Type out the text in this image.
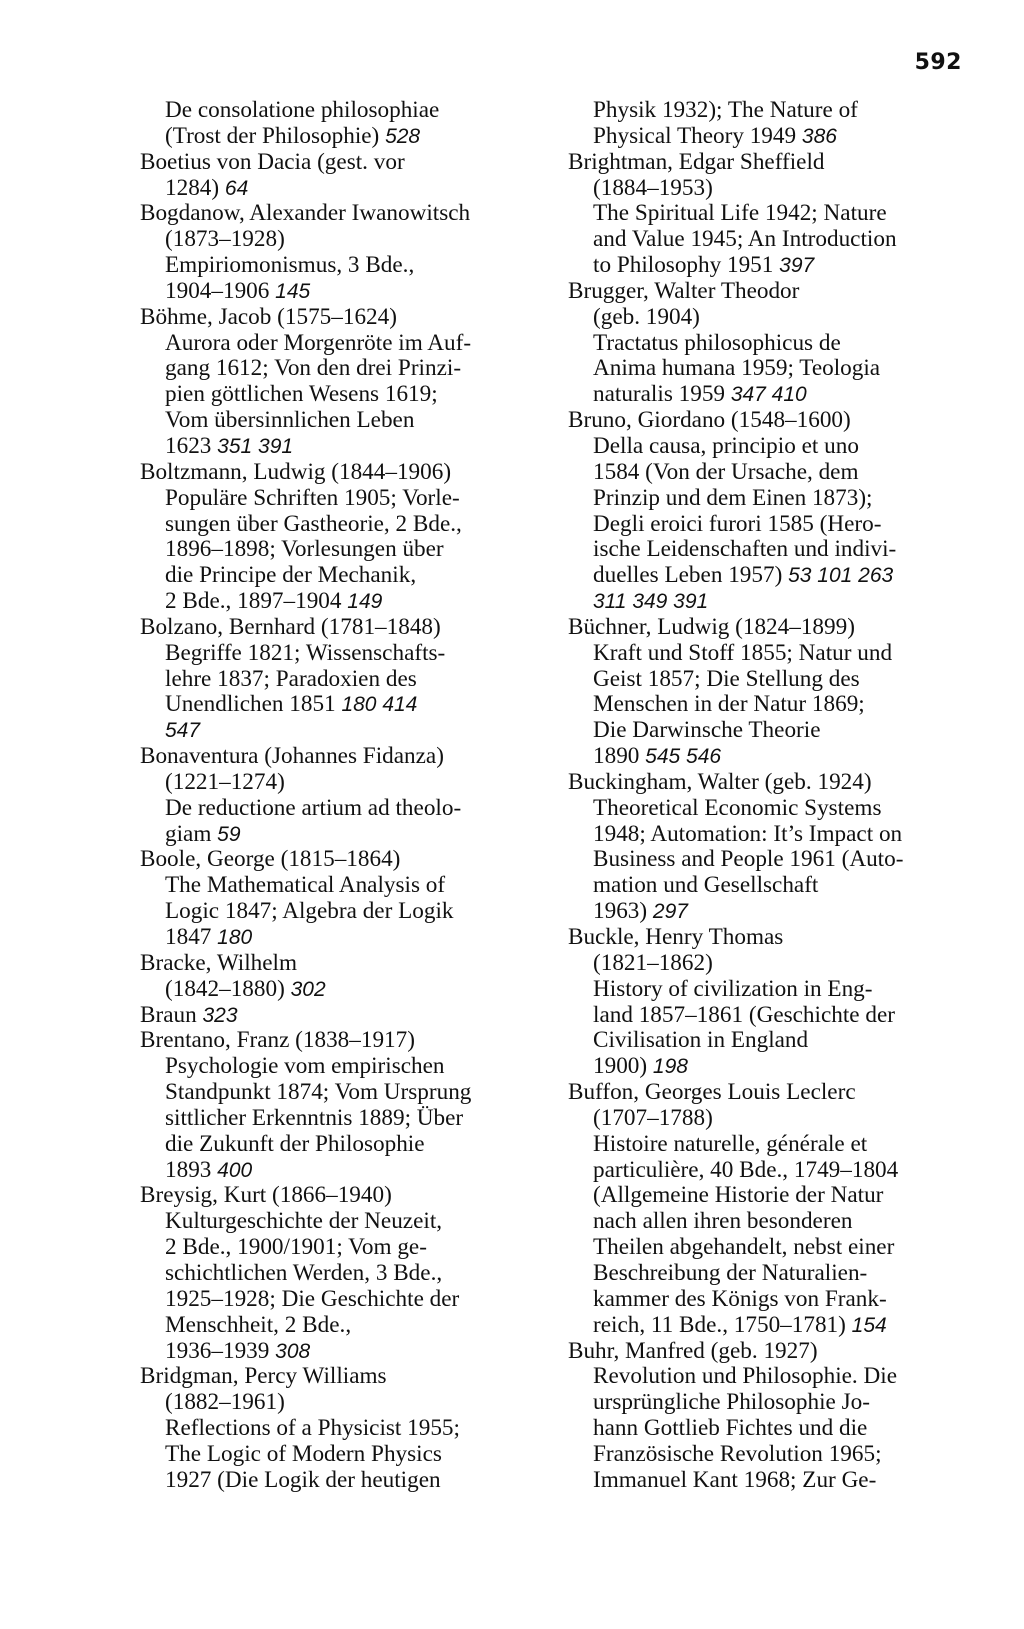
592
De consolatione philosophiae
(Trost der Philosophie) 528
Boetius von Dacia (gest. vor
1284) 64
Bogdanow, Alexander Iwanowitsch
(1873–1928)
Empiriomonismus, 3 Bde.,
1904–1906 145
Böhme, Jacob (1575–1624)
Aurora oder Morgenröte im Auf-
gang 1612; Von den drei Prinzi-
pien göttlichen Wesens 1619;
Vom übersinnlichen Leben
1623 351 391
Boltzmann, Ludwig (1844–1906)
Populäre Schriften 1905; Vorle-
sungen über Gastheorie, 2 Bde.,
1896–1898; Vorlesungen über
die Principe der Mechanik,
2 Bde., 1897–1904 149
Bolzano, Bernhard (1781–1848)
Begriffe 1821; Wissenschafts-
lehre 1837; Paradoxien des
Unendlichen 1851 180 414
547
Bonaventura (Johannes Fidanza)
(1221–1274)
De reductione artium ad theolo-
giam 59
Boole, George (1815–1864)
The Mathematical Analysis of
Logic 1847; Algebra der Logik
1847 180
Bracke, Wilhelm
(1842–1880) 302
Braun 323
Brentano, Franz (1838–1917)
Psychologie vom empirischen
Standpunkt 1874; Vom Ursprung
sittlicher Erkenntnis 1889; Über
die Zukunft der Philosophie
1893 400
Breysig, Kurt (1866–1940)
Kulturgeschichte der Neuzeit,
2 Bde., 1900/1901; Vom ge-
schichtlichen Werden, 3 Bde.,
1925–1928; Die Geschichte der
Menschheit, 2 Bde.,
1936–1939 308
Bridgman, Percy Williams
(1882–1961)
Reflections of a Physicist 1955;
The Logic of Modern Physics
1927 (Die Logik der heutigen
Physik 1932); The Nature of
Physical Theory 1949 386
Brightman, Edgar Sheffield
(1884–1953)
The Spiritual Life 1942; Nature
and Value 1945; An Introduction
to Philosophy 1951 397
Brugger, Walter Theodor
(geb. 1904)
Tractatus philosophicus de
Anima humana 1959; Teologia
naturalis 1959 347 410
Bruno, Giordano (1548–1600)
Della causa, principio et uno
1584 (Von der Ursache, dem
Prinzip und dem Einen 1873);
Degli eroici furori 1585 (Hero-
ische Leidenschaften und indivi-
duelles Leben 1957) 53 101 263
311 349 391
Büchner, Ludwig (1824–1899)
Kraft und Stoff 1855; Natur und
Geist 1857; Die Stellung des
Menschen in der Natur 1869;
Die Darwinsche Theorie
1890 545 546
Buckingham, Walter (geb. 1924)
Theoretical Economic Systems
1948; Automation: It’s Impact on
Business and People 1961 (Auto-
mation und Gesellschaft
1963) 297
Buckle, Henry Thomas
(1821–1862)
History of civilization in Eng-
land 1857–1861 (Geschichte der
Civilisation in England
1900) 198
Buffon, Georges Louis Leclerc
(1707–1788)
Histoire naturelle, générale et
particulière, 40 Bde., 1749–1804
(Allgemeine Historie der Natur
nach allen ihren besonderen
Theilen abgehandelt, nebst einer
Beschreibung der Naturalien-
kammer des Königs von Frank-
reich, 11 Bde., 1750–1781) 154
Buhr, Manfred (geb. 1927)
Revolution und Philosophie. Die
ursprüngliche Philosophie Jo-
hann Gottlieb Fichtes und die
Französische Revolution 1965;
Immanuel Kant 1968; Zur Ge-
